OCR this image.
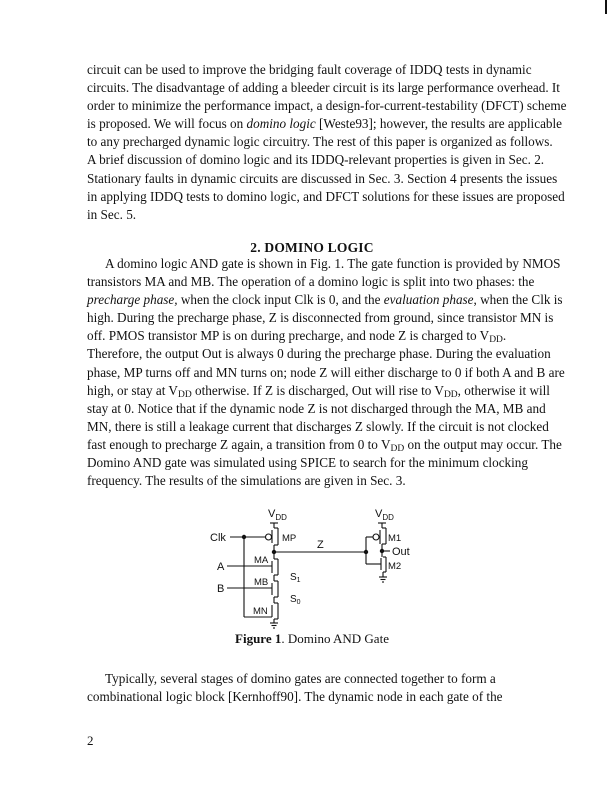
circuit can be used to improve the bridging fault coverage of IDDQ tests in dynamic
circuits. The disadvantage of adding a bleeder circuit is its large performance overhead. It
order to minimize the performance impact, a design-for-current-testability (DFCT) scheme
is proposed. We will focus on domino logic [Weste93]; however, the results are applicable
to any precharged dynamic logic circuitry. The rest of this paper is organized as follows.
A brief discussion of domino logic and its IDDQ-relevant properties is given in Sec. 2.
Stationary faults in dynamic circuits are discussed in Sec. 3. Section 4 presents the issues
in applying IDDQ tests to domino logic, and DFCT solutions for these issues are proposed
in Sec. 5.
2. DOMINO LOGIC
A domino logic AND gate is shown in Fig. 1. The gate function is provided by NMOS
transistors MA and MB. The operation of a domino logic is split into two phases: the
precharge phase, when the clock input Clk is 0, and the evaluation phase, when the Clk is
high. During the precharge phase, Z is disconnected from ground, since transistor MN is
off. PMOS transistor MP is on during precharge, and node Z is charged to $V_{DD}$.
Therefore, the output Out is always 0 during the precharge phase. During the evaluation
phase, MP turns off and MN turns on; node Z will either discharge to 0 if both A and B are
high, or stay at $V_{DD}$ otherwise. If Z is discharged, Out will rise to $V_{DD}$, otherwise it will
stay at 0. Notice that if the dynamic node Z is not discharged through the MA, MB and
MN, there is still a leakage current that discharges Z slowly. If the circuit is not clocked
fast enough to precharge Z again, a transition from 0 to $V_{DD}$ on the output may occur. The
Domino AND gate was simulated using SPICE to search for the minimum clocking
frequency. The results of the simulations are given in Sec. 3.
$V_{DD}$	$V_{DD}$
Clk
A
B
MP
MA
MB
MN
$S_1$
$S_0$
Z
M1
M2
Out
Figure 1. Domino AND Gate
Typically, several stages of domino gates are connected together to form a
combinational logic block [Kernhoff90]. The dynamic node in each gate of the
2
